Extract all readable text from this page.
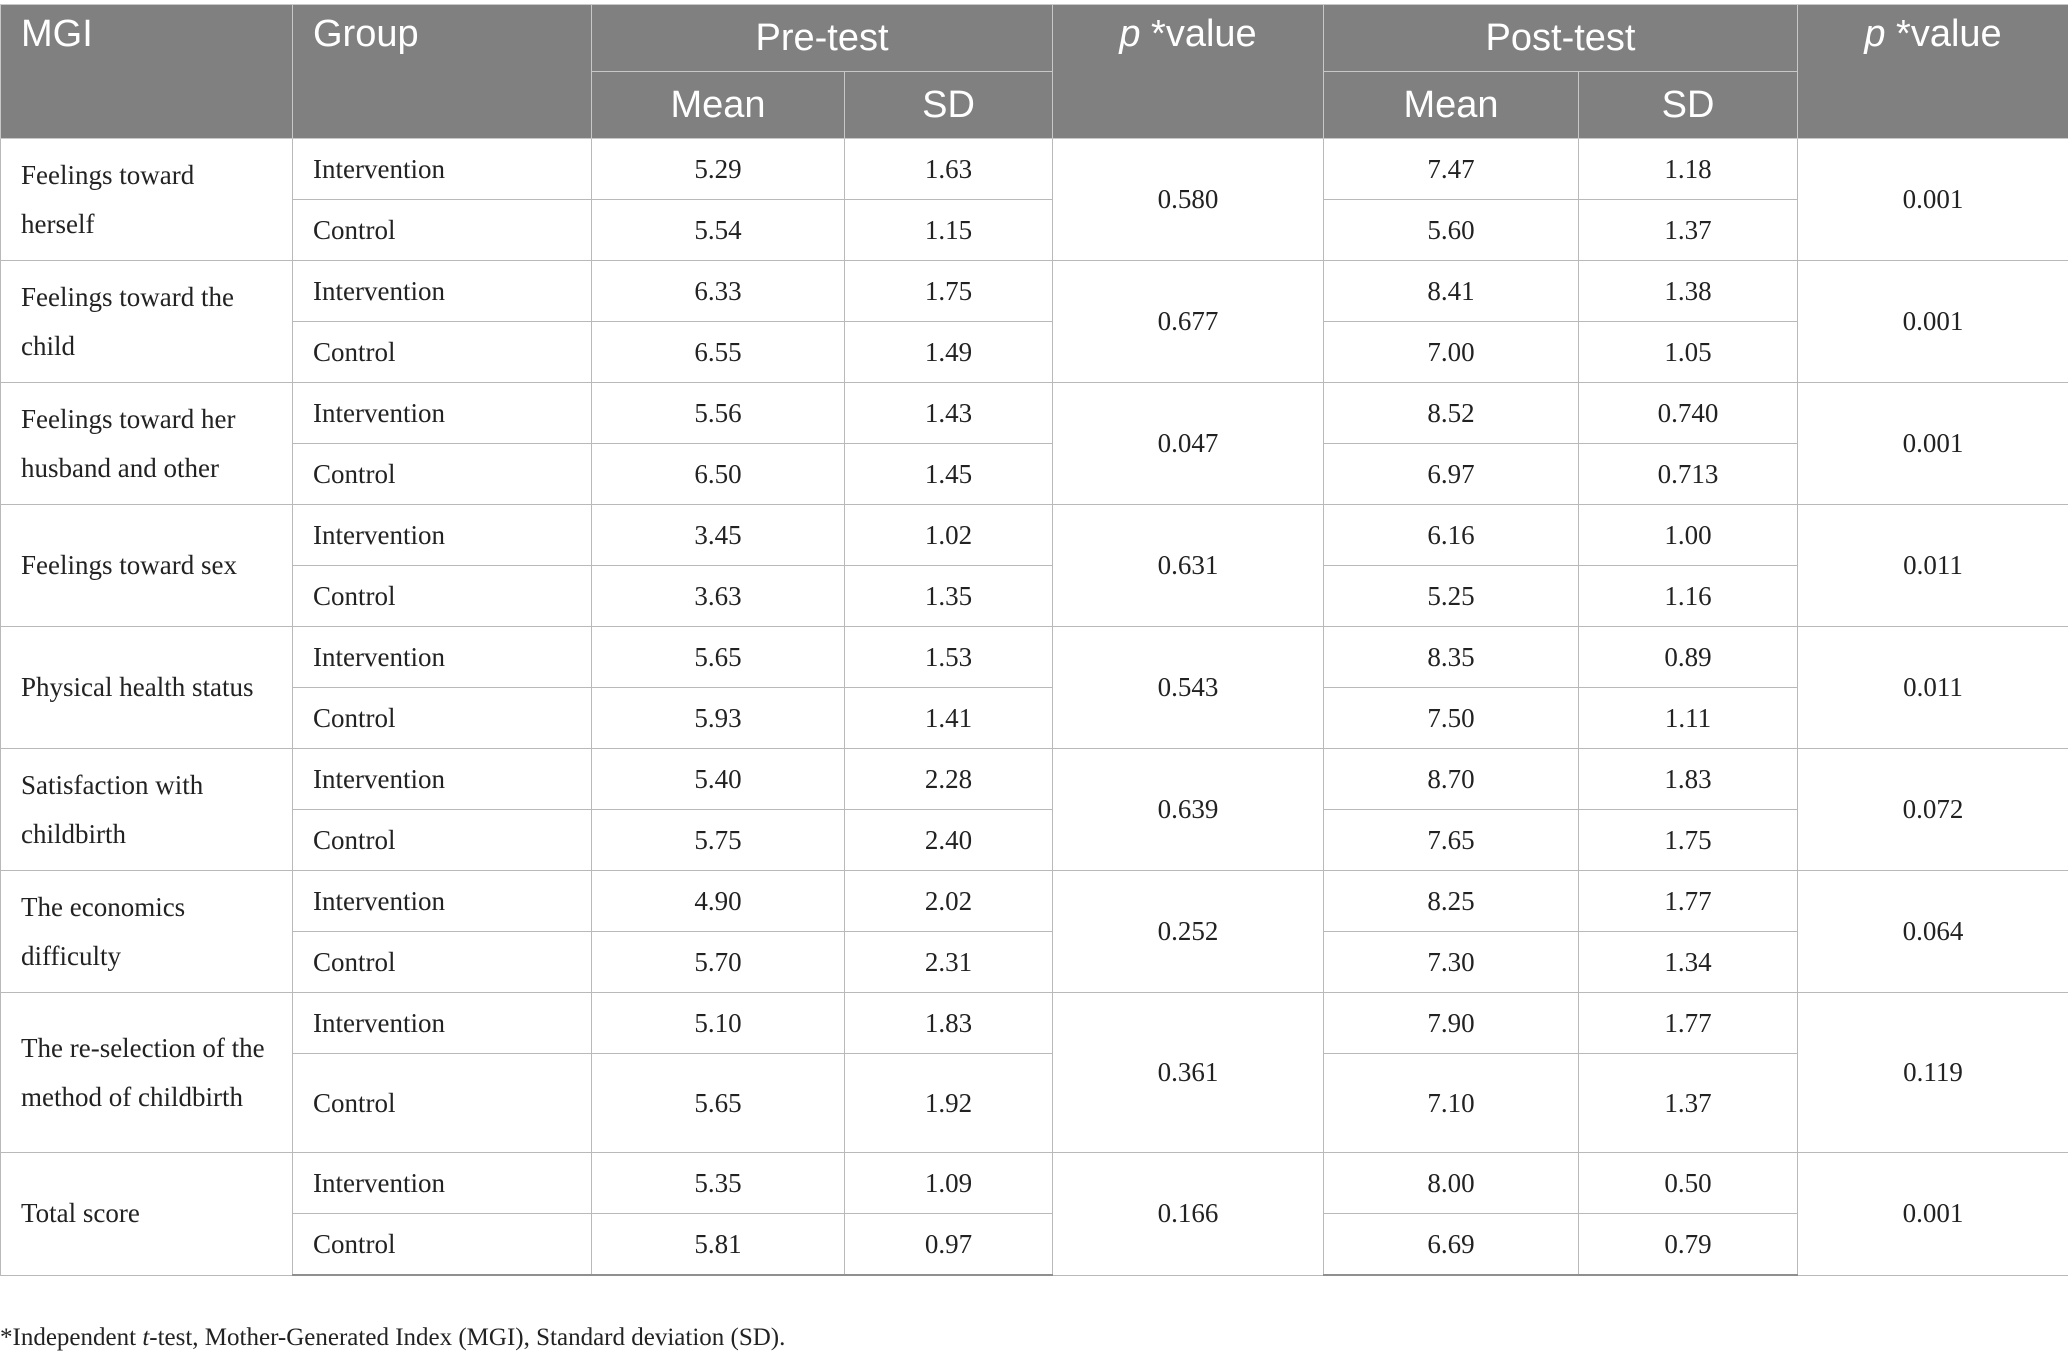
MGI	Group	Pre-test		p *value	Post-test		p *value
		Mean	SD		Mean	SD	
Feelings toward herself	Intervention	5.29	1.63	0.580	7.47	1.18	0.001
	Control	5.54	1.15		5.60	1.37	
Feelings toward the child	Intervention	6.33	1.75	0.677	8.41	1.38	0.001
	Control	6.55	1.49		7.00	1.05	
Feelings toward her husband and other	Intervention	5.56	1.43	0.047	8.52	0.740	0.001
	Control	6.50	1.45		6.97	0.713	
Feelings toward sex	Intervention	3.45	1.02	0.631	6.16	1.00	0.011
	Control	3.63	1.35		5.25	1.16	
Physical health status	Intervention	5.65	1.53	0.543	8.35	0.89	0.011
	Control	5.93	1.41		7.50	1.11	
Satisfaction with childbirth	Intervention	5.40	2.28	0.639	8.70	1.83	0.072
	Control	5.75	2.40		7.65	1.75	
The economics difficulty	Intervention	4.90	2.02	0.252	8.25	1.77	0.064
	Control	5.70	2.31		7.30	1.34	
The re-selection of the method of childbirth	Intervention	5.10	1.83	0.361	7.90	1.77	0.119
	Control	5.65	1.92		7.10	1.37	
Total score	Intervention	5.35	1.09	0.166	8.00	0.50	0.001
	Control	5.81	0.97		6.69	0.79	
*Independent t-test, Mother-Generated Index (MGI), Standard deviation (SD).
